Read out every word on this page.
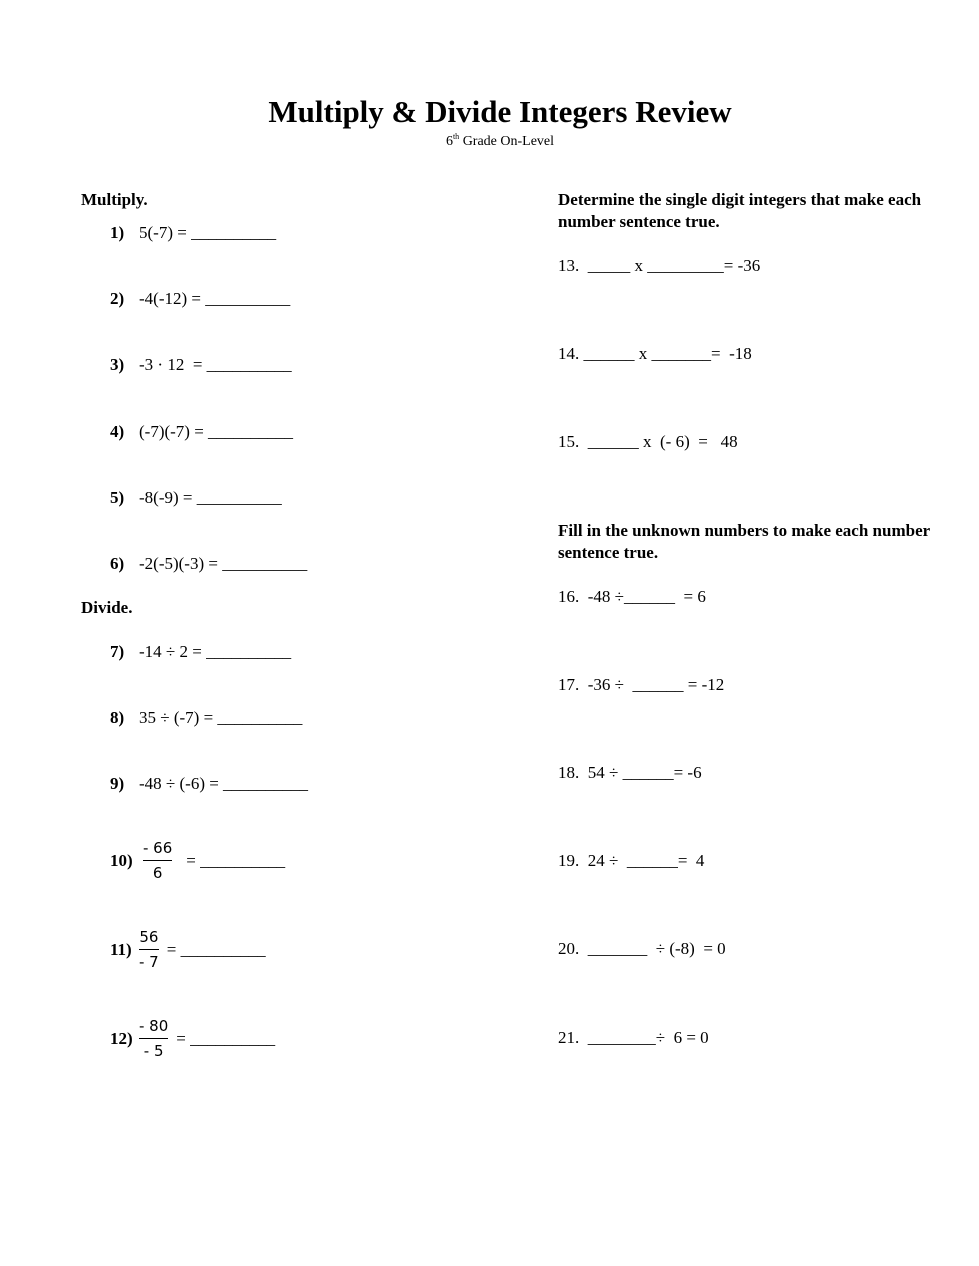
Multiply & Divide Integers Review
6th Grade On-Level
Multiply.
1) 5(-7) = __________
2) -4(-12) = __________
3) -3 · 12  = __________
4) (-7)(-7) = __________
5) -8(-9) = __________
6) -2(-5)(-3) = __________
Divide.
7) -14 ÷ 2 = __________
8) 35 ÷ (-7) = __________
9) -48 ÷ (-6) = __________
$10) \frac{- 66}{6}$ = __________
$11) \frac{56}{- 7}$ = __________
$12) \frac{- 80}{- 5}$ = __________
Determine the single digit integers that make each number sentence true.
13.  _____ x _________= -36
14. ______ x _______=  -18
15.  ______ x  (- 6)  =   48
Fill in the unknown numbers to make each number sentence true.
16.  -48 ÷______  = 6
17.  -36 ÷  ______ = -12
18.  54 ÷ ______= -6
19.  24 ÷  ______=  4
20.  _______  ÷ (-8)  = 0
21.  ________÷  6 = 0
